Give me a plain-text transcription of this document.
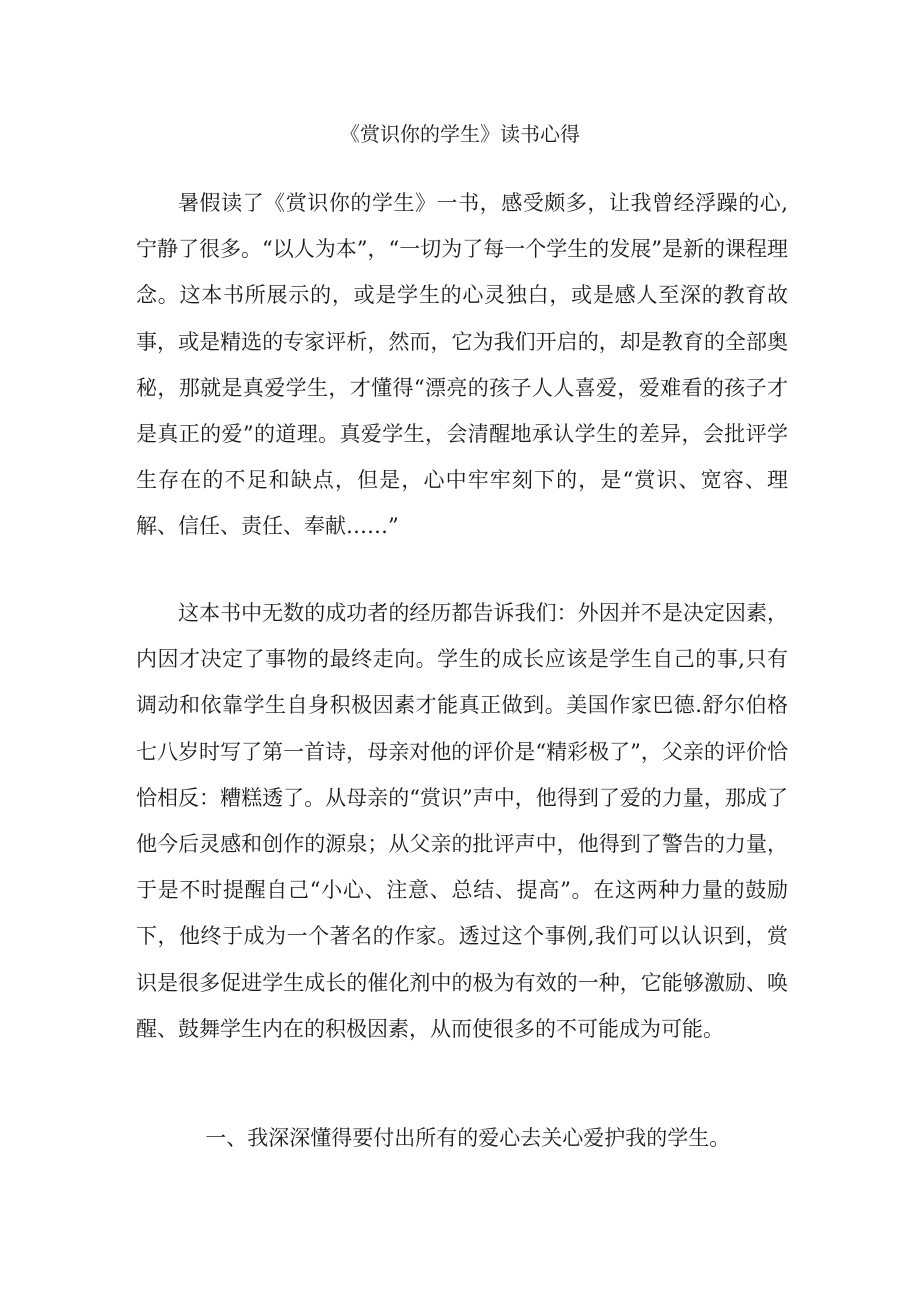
《赏识你的学生》读书心得

暑假读了《赏识你的学生》一书，感受颇多，让我曾经浮躁的心,宁静了很多。“以人为本”，“一切为了每一个学生的发展”是新的课程理念。这本书所展示的，或是学生的心灵独白，或是感人至深的教育故事，或是精选的专家评析，然而，它为我们开启的，却是教育的全部奥秘，那就是真爱学生，才懂得“漂亮的孩子人人喜爱，爱难看的孩子才是真正的爱”的道理。真爱学生，会清醒地承认学生的差异，会批评学生存在的不足和缺点，但是，心中牢牢刻下的，是“赏识、宽容、理解、信任、责任、奉献……”

这本书中无数的成功者的经历都告诉我们：外因并不是决定因素，内因才决定了事物的最终走向。学生的成长应该是学生自己的事,只有调动和依靠学生自身积极因素才能真正做到。美国作家巴德.舒尔伯格七八岁时写了第一首诗，母亲对他的评价是“精彩极了”，父亲的评价恰恰相反：糟糕透了。从母亲的“赏识”声中，他得到了爱的力量，那成了他今后灵感和创作的源泉；从父亲的批评声中，他得到了警告的力量，于是不时提醒自己“小心、注意、总结、提高”。在这两种力量的鼓励下，他终于成为一个著名的作家。透过这个事例,我们可以认识到，赏识是很多促进学生成长的催化剂中的极为有效的一种，它能够激励、唤醒、鼓舞学生内在的积极因素，从而使很多的不可能成为可能。

一、我深深懂得要付出所有的爱心去关心爱护我的学生。
